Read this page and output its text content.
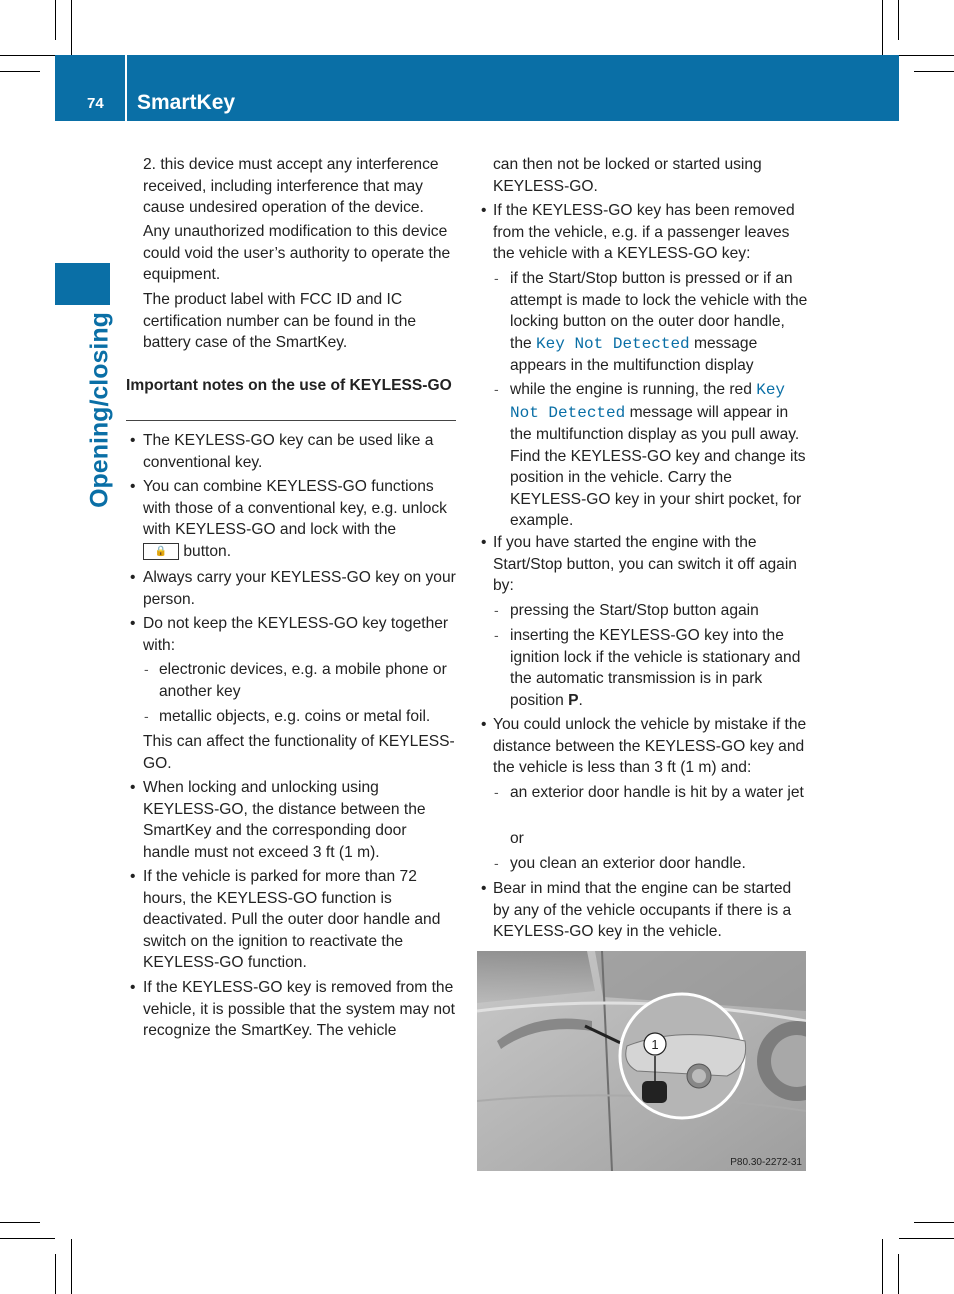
74 SmartKey
Opening/closing

2. this device must accept any interference received, including interference that may cause undesired operation of the device.

Any unauthorized modification to this device could void the user’s authority to operate the equipment.

The product label with FCC ID and IC certification number can be found in the battery case of the SmartKey.

Important notes on the use of KEYLESS-GO
• The KEYLESS-GO key can be used like a conventional key.

• You can combine KEYLESS-GO functions with those of a conventional key, e.g. unlock with KEYLESS-GO and lock with the
🔒 button.

• Always carry your KEYLESS-GO key on your person.

• Do not keep the KEYLESS-GO key together with:

- electronic devices, e.g. a mobile phone or another key

- metallic objects, e.g. coins or metal foil.

This can affect the functionality of KEYLESS-GO.

• When locking and unlocking using KEYLESS-GO, the distance between the SmartKey and the corresponding door handle must not exceed 3 ft (1 m).

• If the vehicle is parked for more than 72 hours, the KEYLESS-GO function is deactivated. Pull the outer door handle and switch on the ignition to reactivate the KEYLESS-GO function.

• If the KEYLESS-GO key is removed from the vehicle, it is possible that the system may not recognize the SmartKey. The vehicle

can then not be locked or started using KEYLESS-GO.

• If the KEYLESS-GO key has been removed from the vehicle, e.g. if a passenger leaves the vehicle with a KEYLESS-GO key:

- if the Start/Stop button is pressed or if an attempt is made to lock the vehicle with the locking button on the outer door handle, the Key Not Detected message appears in the multifunction display

- while the engine is running, the red Key Not Detected message will appear in the multifunction display as you pull away. Find the KEYLESS-GO key and change its position in the vehicle. Carry the KEYLESS-GO key in your shirt pocket, for example.

• If you have started the engine with the Start/Stop button, you can switch it off again by:

- pressing the Start/Stop button again

- inserting the KEYLESS-GO key into the ignition lock if the vehicle is stationary and the automatic transmission is in park position P.

• You could unlock the vehicle by mistake if the distance between the KEYLESS-GO key and the vehicle is less than 3 ft (1 m) and:

- an exterior door handle is hit by a water jet

or

- you clean an exterior door handle.

• Bear in mind that the engine can be started by any of the vehicle occupants if there is a KEYLESS-GO key in the vehicle.

1
P80.30-2272-31
